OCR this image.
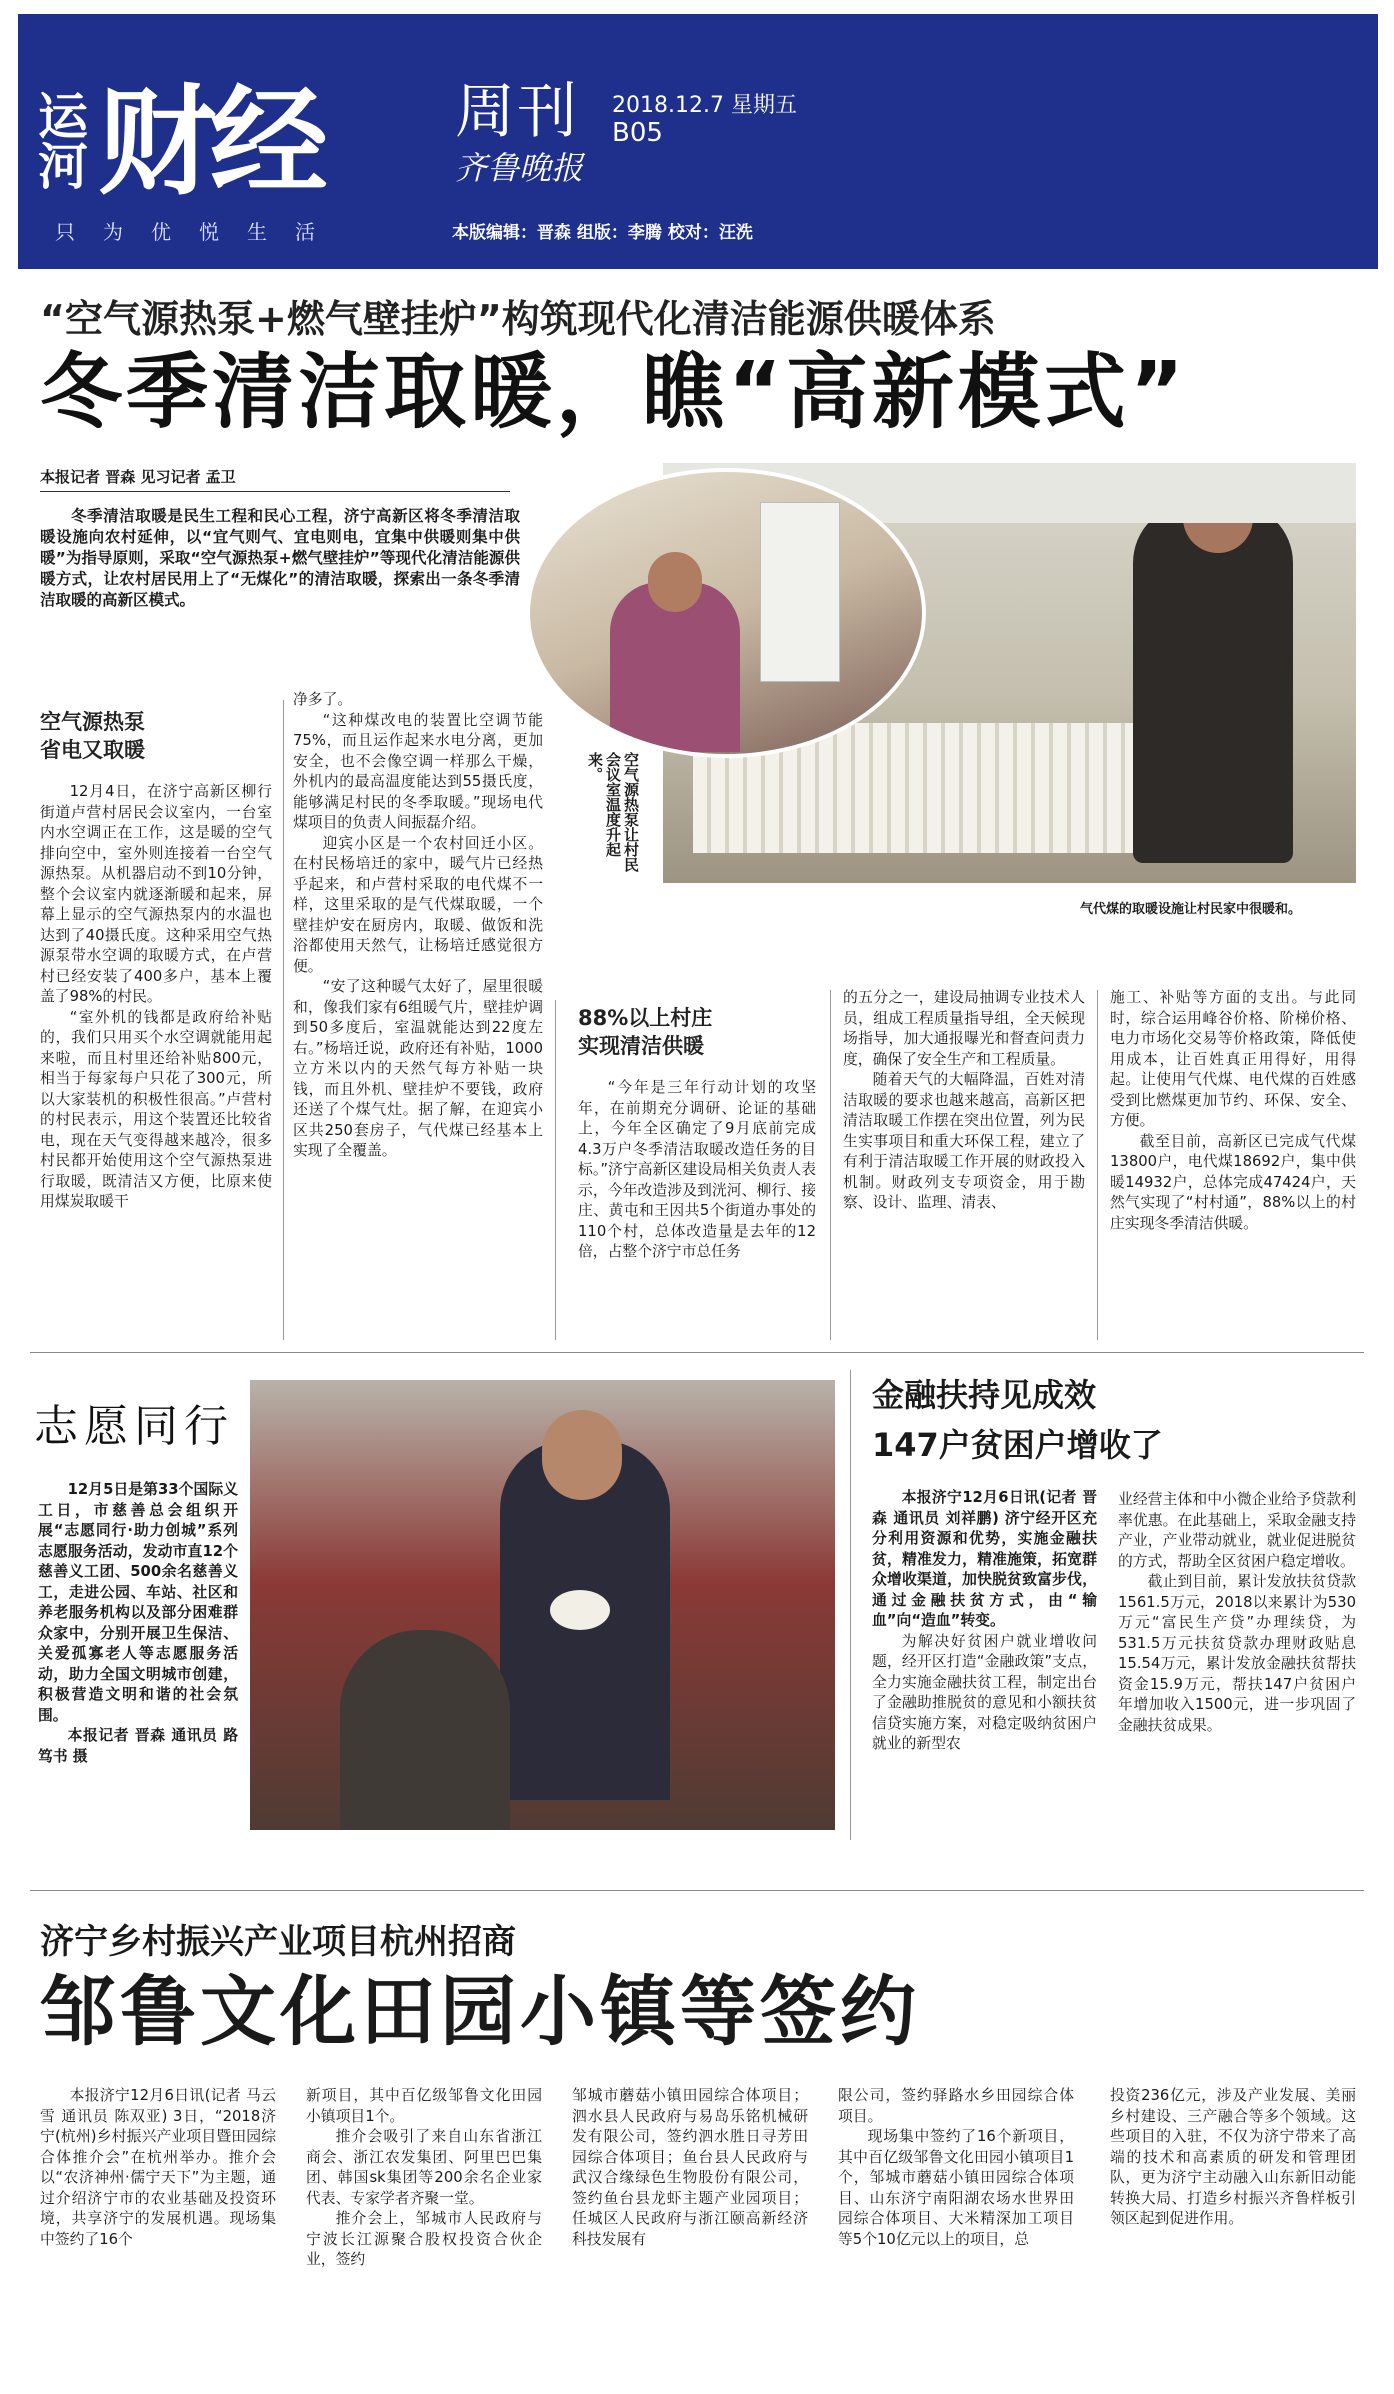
运河 财经 周刊
齐鲁晚报
2018.12.7 星期五
B05
只为优悦生活	本版编辑：晋森 组版：李腾 校对：汪洗
“空气源热泵+燃气壁挂炉”构筑现代化清洁能源供暖体系
冬季清洁取暖，瞧“高新模式”
本报记者 晋森 见习记者 孟卫
冬季清洁取暖是民生工程和民心工程，济宁高新区将冬季清洁取暖设施向农村延伸，以“宜气则气、宜电则电，宜集中供暖则集中供暖”为指导原则，采取“空气源热泵+燃气壁挂炉”等现代化清洁能源供暖方式，让农村居民用上了“无煤化”的清洁取暖，探索出一条冬季清洁取暖的高新区模式。
空气源热泵让村民会议室温度升起来。
气代煤的取暖设施让村民家中很暖和。
空气源热泵
省电又取暖

12月4日，在济宁高新区柳行街道卢营村居民会议室内，一台室内水空调正在工作，这是暖的空气排向空中，室外则连接着一台空气源热泵。从机器启动不到10分钟，整个会议室内就逐渐暖和起来，屏幕上显示的空气源热泵内的水温也达到了40摄氏度。这种采用空气热源泵带水空调的取暖方式，在卢营村已经安装了400多户，基本上覆盖了98%的村民。

“室外机的钱都是政府给补贴的，我们只用买个水空调就能用起来啦，而且村里还给补贴800元，相当于每家每户只花了300元，所以大家装机的积极性很高。”卢营村的村民表示，用这个装置还比较省电，现在天气变得越来越冷，很多村民都开始使用这个空气源热泵进行取暖，既清洁又方便，比原来使用煤炭取暖干

净多了。

“这种煤改电的装置比空调节能75%，而且运作起来水电分离，更加安全，也不会像空调一样那么干燥，外机内的最高温度能达到55摄氏度，能够满足村民的冬季取暖。”现场电代煤项目的负责人间振磊介绍。

迎宾小区是一个农村回迁小区。在村民杨培迁的家中，暖气片已经热乎起来，和卢营村采取的电代煤不一样，这里采取的是气代煤取暖，一个壁挂炉安在厨房内，取暖、做饭和洗浴都使用天然气，让杨培迁感觉很方便。

“安了这种暖气太好了，屋里很暖和，像我们家有6组暖气片，壁挂炉调到50多度后，室温就能达到22度左右。”杨培迁说，政府还有补贴，1000立方米以内的天然气每方补贴一块钱，而且外机、壁挂炉不要钱，政府还送了个煤气灶。据了解，在迎宾小区共250套房子，气代煤已经基本上实现了全覆盖。

88%以上村庄
实现清洁供暖

“今年是三年行动计划的攻坚年，在前期充分调研、论证的基础上，今年全区确定了9月底前完成4.3万户冬季清洁取暖改造任务的目标。”济宁高新区建设局相关负责人表示，今年改造涉及到洸河、柳行、接庄、黄屯和王因共5个街道办事处的110个村，总体改造量是去年的12倍，占整个济宁市总任务

的五分之一，建设局抽调专业技术人员，组成工程质量指导组，全天候现场指导，加大通报曝光和督查问责力度，确保了安全生产和工程质量。

随着天气的大幅降温，百姓对清洁取暖的要求也越来越高，高新区把清洁取暖工作摆在突出位置，列为民生实事项目和重大环保工程，建立了有利于清洁取暖工作开展的财政投入机制。财政列支专项资金，用于勘察、设计、监理、清表、

施工、补贴等方面的支出。与此同时，综合运用峰谷价格、阶梯价格、电力市场化交易等价格政策，降低使用成本，让百姓真正用得好，用得起。让使用气代煤、电代煤的百姓感受到比燃煤更加节约、环保、安全、方便。

截至目前，高新区已完成气代煤13800户，电代煤18692户，集中供暖14932户，总体完成47424户，天然气实现了“村村通”，88%以上的村庄实现冬季清洁供暖。

志愿同行

12月5日是第33个国际义工日，市慈善总会组织开展“志愿同行·助力创城”系列志愿服务活动，发动市直12个慈善义工团、500余名慈善义工，走进公园、车站、社区和养老服务机构以及部分困难群众家中，分别开展卫生保洁、关爱孤寡老人等志愿服务活动，助力全国文明城市创建，积极营造文明和谐的社会氛围。

本报记者 晋森 通讯员 路笃书 摄

金融扶持见成效
147户贫困户增收了

本报济宁12月6日讯(记者 晋森 通讯员 刘祥鹏) 济宁经开区充分利用资源和优势，实施金融扶贫，精准发力，精准施策，拓宽群众增收渠道，加快脱贫致富步伐，通过金融扶贫方式，由“输血”向“造血”转变。

为解决好贫困户就业增收问题，经开区打造“金融政策”支点，全力实施金融扶贫工程，制定出台了金融助推脱贫的意见和小额扶贫信贷实施方案，对稳定吸纳贫困户就业的新型农

业经营主体和中小微企业给予贷款利率优惠。在此基础上，采取金融支持产业，产业带动就业，就业促进脱贫的方式，帮助全区贫困户稳定增收。

截止到目前，累计发放扶贫贷款1561.5万元，2018以来累计为530万元“富民生产贷”办理续贷，为531.5万元扶贫贷款办理财政贴息15.54万元，累计发放金融扶贫帮扶资金15.9万元，帮扶147户贫困户年增加收入1500元，进一步巩固了金融扶贫成果。

济宁乡村振兴产业项目杭州招商
邹鲁文化田园小镇等签约

本报济宁12月6日讯(记者 马云雪 通讯员 陈双亚) 3日，“2018济宁(杭州)乡村振兴产业项目暨田园综合体推介会”在杭州举办。推介会以“农济神州·儒宁天下”为主题，通过介绍济宁市的农业基础及投资环境，共享济宁的发展机遇。现场集中签约了16个

新项目，其中百亿级邹鲁文化田园小镇项目1个。

推介会吸引了来自山东省浙江商会、浙江农发集团、阿里巴巴集团、韩国sk集团等200余名企业家代表、专家学者齐聚一堂。

推介会上，邹城市人民政府与宁波长江源聚合股权投资合伙企业，签约

邹城市蘑菇小镇田园综合体项目；泗水县人民政府与易岛乐铭机械研发有限公司，签约泗水胜日寻芳田园综合体项目；鱼台县人民政府与武汉合缘绿色生物股份有限公司，签约鱼台县龙虾主题产业园项目；任城区人民政府与浙江颐高新经济科技发展有

限公司，签约驿路水乡田园综合体项目。

现场集中签约了16个新项目，其中百亿级邹鲁文化田园小镇项目1个，邹城市蘑菇小镇田园综合体项目、山东济宁南阳湖农场水世界田园综合体项目、大米精深加工项目等5个10亿元以上的项目，总

投资236亿元，涉及产业发展、美丽乡村建设、三产融合等多个领域。这些项目的入驻，不仅为济宁带来了高端的技术和高素质的研发和管理团队，更为济宁主动融入山东新旧动能转换大局、打造乡村振兴齐鲁样板引领区起到促进作用。
